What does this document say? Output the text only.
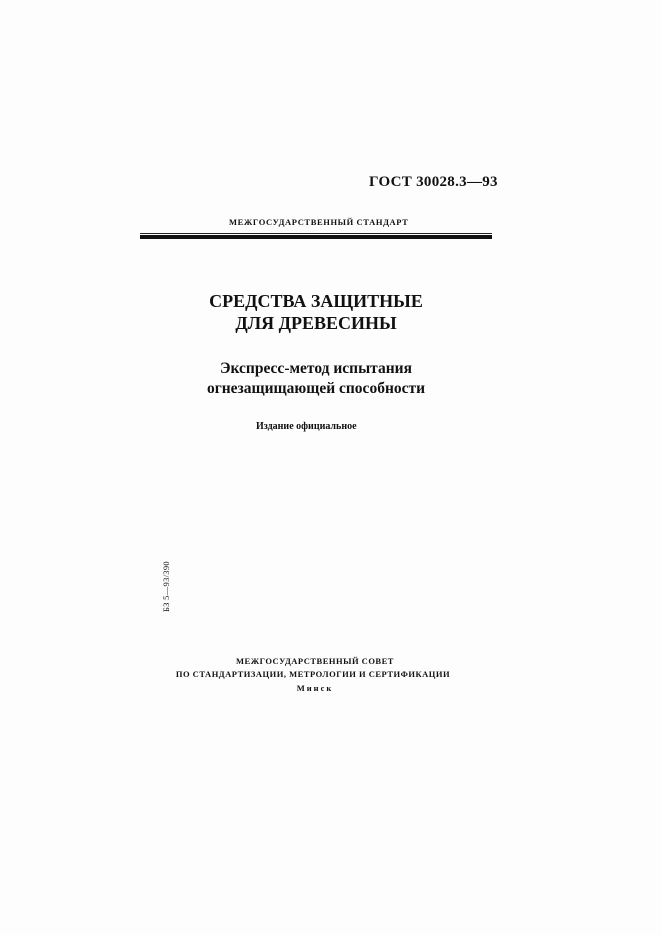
ГОСТ 30028.3—93
МЕЖГОСУДАРСТВЕННЫЙ СТАНДАРТ
СРЕДСТВА ЗАЩИТНЫЕ
ДЛЯ ДРЕВЕСИНЫ
Экспресс-метод испытания
огнезащищающей способности
Издание официальное
БЗ 5—93/390
МЕЖГОСУДАРСТВЕННЫЙ СОВЕТ
ПО СТАНДАРТИЗАЦИИ, МЕТРОЛОГИИ И СЕРТИФИКАЦИИ
Минск
